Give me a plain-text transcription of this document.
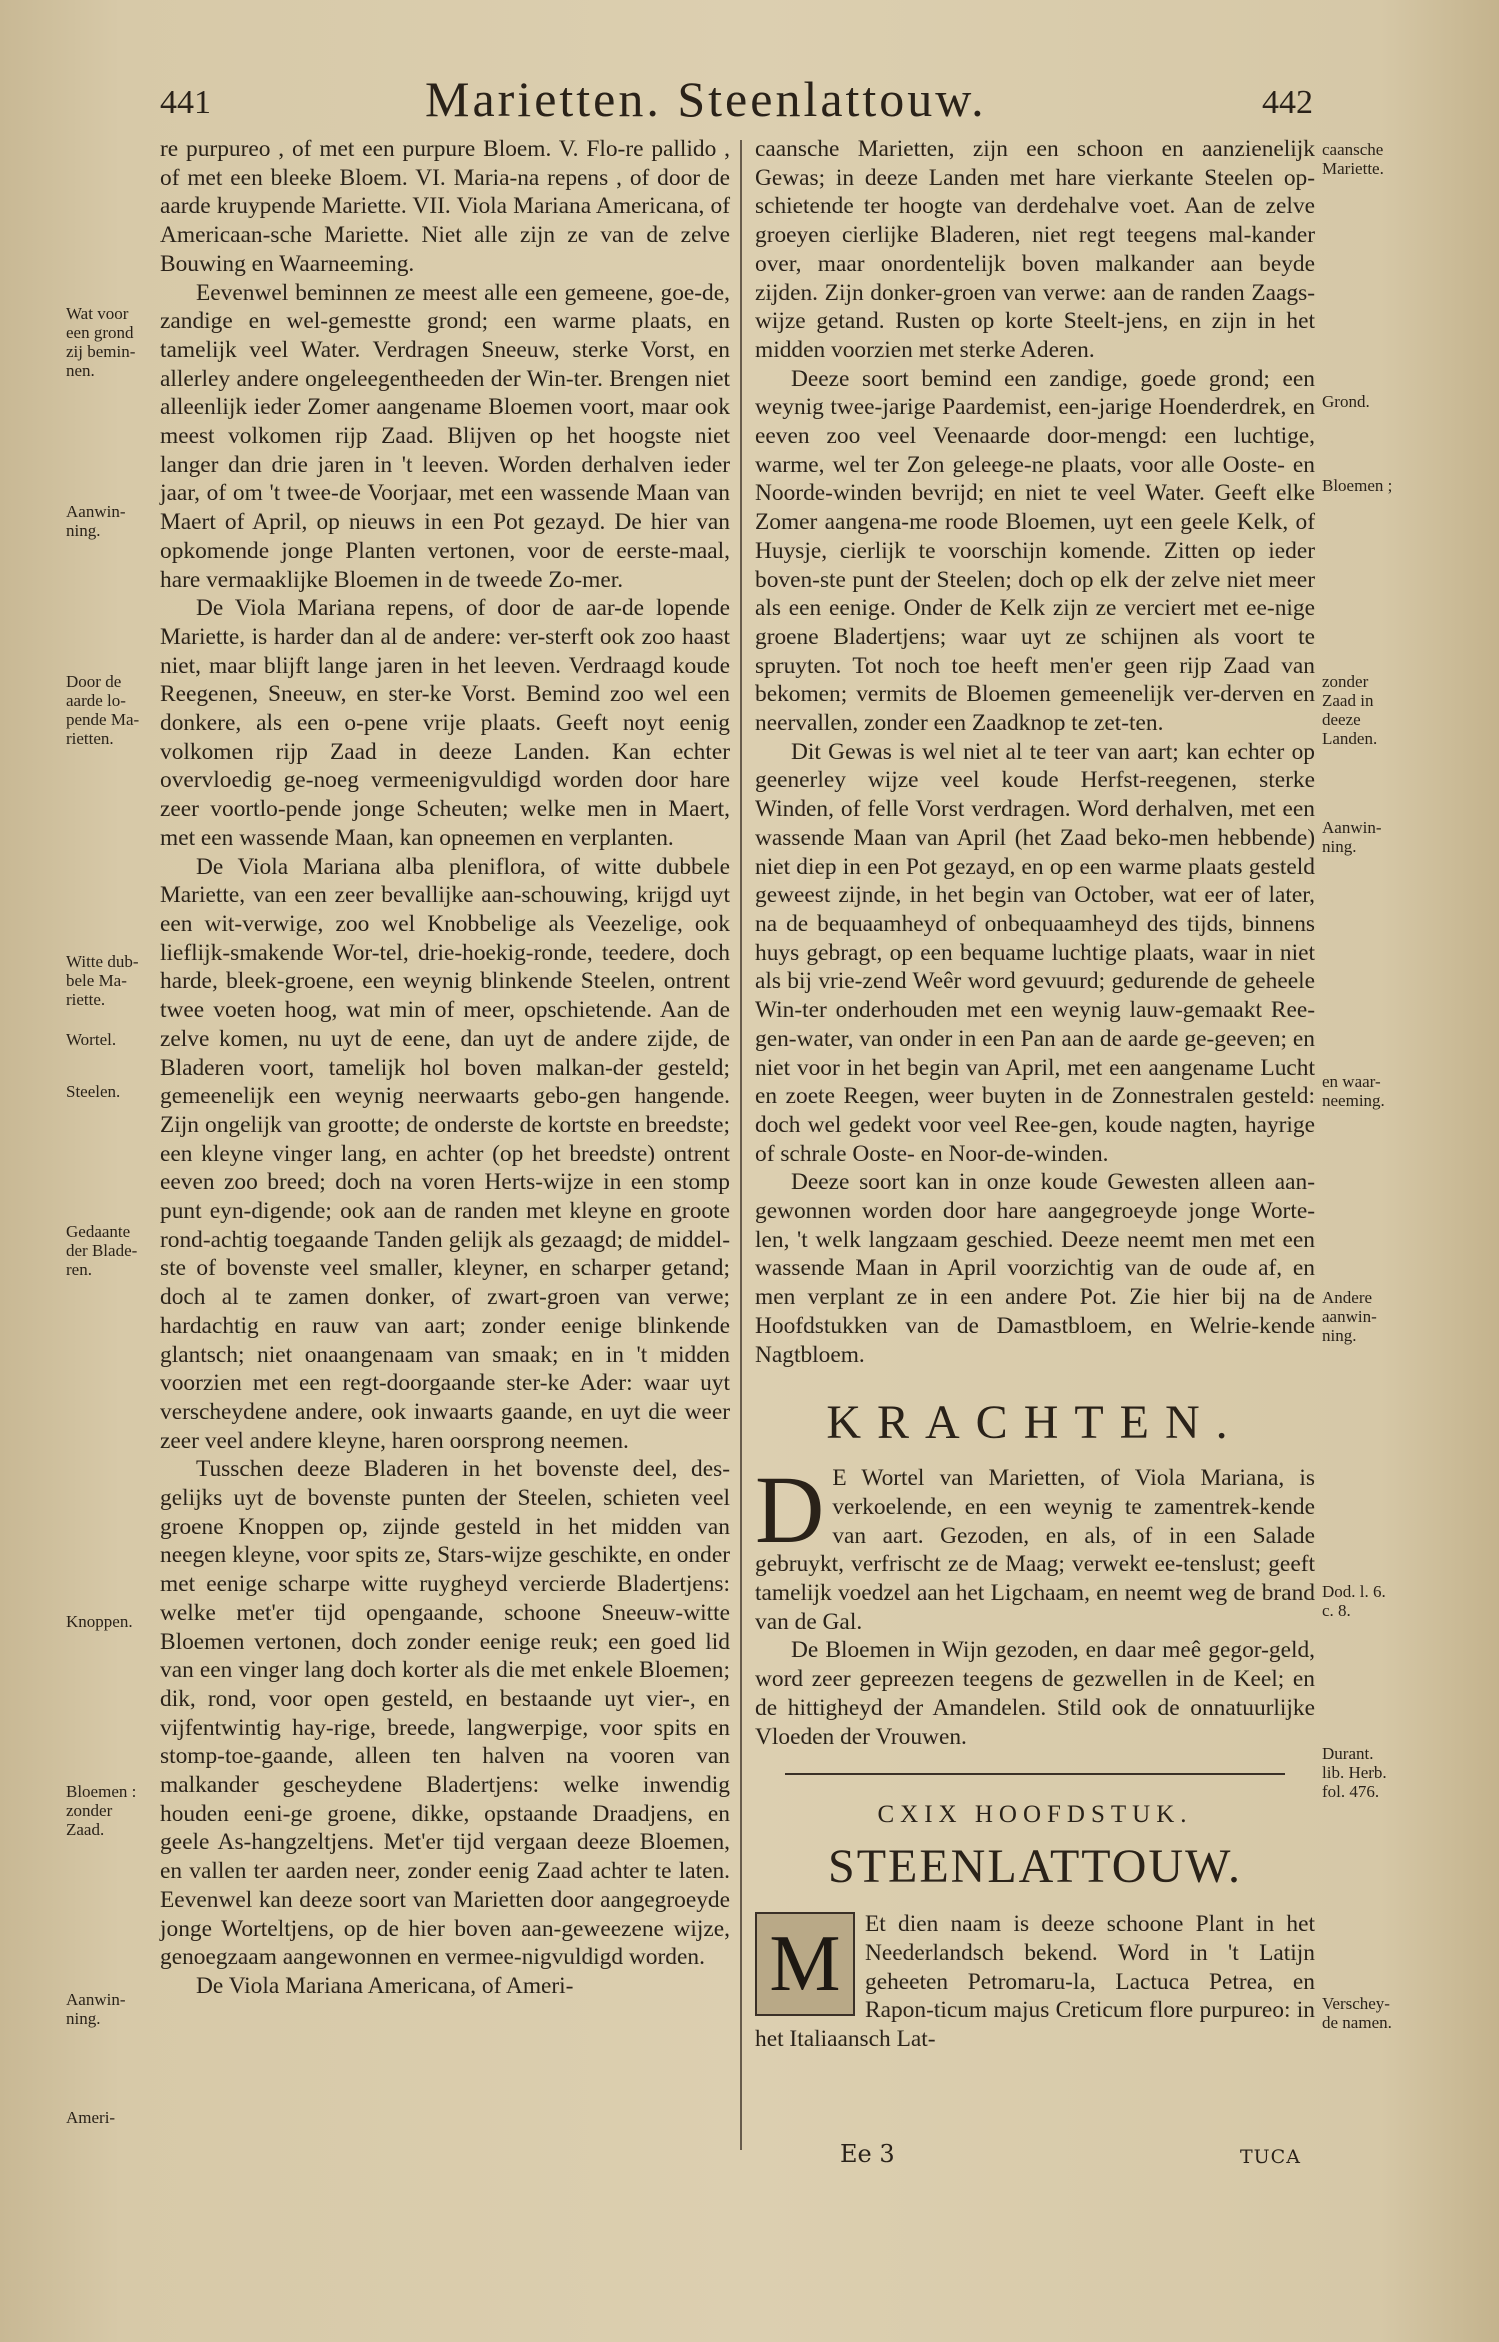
441	Marietten. Steenlattouw.	442

re purpureo , of met een purpure Bloem. V. Flo-re pallido , of met een bleeke Bloem. VI. Maria-na repens , of door de aarde kruypende Mariette. VII. Viola Mariana Americana, of Americaan-sche Mariette. Niet alle zijn ze van de zelve Bouwing en Waarneeming.

Eevenwel beminnen ze meest alle een gemeene, goe-de, zandige en wel-gemestte grond; een warme plaats, en tamelijk veel Water. Verdragen Sneeuw, sterke Vorst, en allerley andere ongeleegentheeden der Win-ter. Brengen niet alleenlijk ieder Zomer aangename Bloemen voort, maar ook meest volkomen rijp Zaad. Blijven op het hoogste niet langer dan drie jaren in 't leeven. Worden derhalven ieder jaar, of om 't twee-de Voorjaar, met een wassende Maan van Maert of April, op nieuws in een Pot gezayd. De hier van opkomende jonge Planten vertonen, voor de eerste-maal, hare vermaaklijke Bloemen in de tweede Zo-mer.

De Viola Mariana repens, of door de aar-de lopende Mariette, is harder dan al de andere: ver-sterft ook zoo haast niet, maar blijft lange jaren in het leeven. Verdraagd koude Reegenen, Sneeuw, en ster-ke Vorst. Bemind zoo wel een donkere, als een o-pene vrije plaats. Geeft noyt eenig volkomen rijp Zaad in deeze Landen. Kan echter overvloedig ge-noeg vermeenigvuldigd worden door hare zeer voortlo-pende jonge Scheuten; welke men in Maert, met een wassende Maan, kan opneemen en verplanten.

De Viola Mariana alba pleniflora, of witte dubbele Mariette, van een zeer bevallijke aan-schouwing, krijgd uyt een wit-verwige, zoo wel Knobbelige als Veezelige, ook lieflijk-smakende Wor-tel, drie-hoekig-ronde, teedere, doch harde, bleek-groene, een weynig blinkende Steelen, ontrent twee voeten hoog, wat min of meer, opschietende. Aan de zelve komen, nu uyt de eene, dan uyt de andere zijde, de Bladeren voort, tamelijk hol boven malkan-der gesteld; gemeenelijk een weynig neerwaarts gebo-gen hangende. Zijn ongelijk van grootte; de onderste de kortste en breedste; een kleyne vinger lang, en achter (op het breedste) ontrent eeven zoo breed; doch na voren Herts-wijze in een stomp punt eyn-digende; ook aan de randen met kleyne en groote rond-achtig toegaande Tanden gelijk als gezaagd; de middel-ste of bovenste veel smaller, kleyner, en scharper getand; doch al te zamen donker, of zwart-groen van verwe; hardachtig en rauw van aart; zonder eenige blinkende glantsch; niet onaangenaam van smaak; en in 't midden voorzien met een regt-doorgaande ster-ke Ader: waar uyt verscheydene andere, ook inwaarts gaande, en uyt die weer zeer veel andere kleyne, haren oorsprong neemen.

Tusschen deeze Bladeren in het bovenste deel, des-gelijks uyt de bovenste punten der Steelen, schieten veel groene Knoppen op, zijnde gesteld in het midden van neegen kleyne, voor spits ze, Stars-wijze geschikte, en onder met eenige scharpe witte ruygheyd vercierde Bladertjens: welke met'er tijd opengaande, schoone Sneeuw-witte Bloemen vertonen, doch zonder eenige reuk; een goed lid van een vinger lang doch korter als die met enkele Bloemen; dik, rond, voor open gesteld, en bestaande uyt vier-, en vijfentwintig hay-rige, breede, langwerpige, voor spits en stomp-toe-gaande, alleen ten halven na vooren van malkander gescheydene Bladertjens: welke inwendig houden eeni-ge groene, dikke, opstaande Draadjens, en geele As-hangzeltjens. Met'er tijd vergaan deeze Bloemen, en vallen ter aarden neer, zonder eenig Zaad achter te laten. Eevenwel kan deeze soort van Marietten door aangegroeyde jonge Worteltjens, op de hier boven aan-geweezene wijze, genoegzaam aangewonnen en vermee-nigvuldigd worden.

De Viola Mariana Americana, of Ameri-

Wat voor
een grond
zij bemin-
nen.
Aanwin-
ning.
Door de
aarde lo-
pende Ma-
rietten.
Witte dub-
bele Ma-
riette.
Wortel.
Steelen.
Gedaante
der Blade-
ren.
Knoppen.
Bloemen :
zonder
Zaad.
Aanwin-
ning.
Ameri-

caansche Marietten, zijn een schoon en aanzienelijk Gewas; in deeze Landen met hare vierkante Steelen op-schietende ter hoogte van derdehalve voet. Aan de zelve groeyen cierlijke Bladeren, niet regt teegens mal-kander over, maar onordentelijk boven malkander aan beyde zijden. Zijn donker-groen van verwe: aan de randen Zaags-wijze getand. Rusten op korte Steelt-jens, en zijn in het midden voorzien met sterke Aderen.

Deeze soort bemind een zandige, goede grond; een weynig twee-jarige Paardemist, een-jarige Hoenderdrek, en eeven zoo veel Veenaarde door-mengd: een luchtige, warme, wel ter Zon geleege-ne plaats, voor alle Ooste- en Noorde-winden bevrijd; en niet te veel Water. Geeft elke Zomer aangena-me roode Bloemen, uyt een geele Kelk, of Huysje, cierlijk te voorschijn komende. Zitten op ieder boven-ste punt der Steelen; doch op elk der zelve niet meer als een eenige. Onder de Kelk zijn ze verciert met ee-nige groene Bladertjens; waar uyt ze schijnen als voort te spruyten. Tot noch toe heeft men'er geen rijp Zaad van bekomen; vermits de Bloemen gemeenelijk ver-derven en neervallen, zonder een Zaadknop te zet-ten.

Dit Gewas is wel niet al te teer van aart; kan echter op geenerley wijze veel koude Herfst-reegenen, sterke Winden, of felle Vorst verdragen. Word derhalven, met een wassende Maan van April (het Zaad beko-men hebbende) niet diep in een Pot gezayd, en op een warme plaats gesteld geweest zijnde, in het begin van October, wat eer of later, na de bequaamheyd of onbequaamheyd des tijds, binnens huys gebragt, op een bequame luchtige plaats, waar in niet als bij vrie-zend Weêr word gevuurd; gedurende de geheele Win-ter onderhouden met een weynig lauw-gemaakt Ree-gen-water, van onder in een Pan aan de aarde ge-geeven; en niet voor in het begin van April, met een aangename Lucht en zoete Reegen, weer buyten in de Zonnestralen gesteld: doch wel gedekt voor veel Ree-gen, koude nagten, hayrige of schrale Ooste- en Noor-de-winden.

Deeze soort kan in onze koude Gewesten alleen aan-gewonnen worden door hare aangegroeyde jonge Worte-len, 't welk langzaam geschied. Deeze neemt men met een wassende Maan in April voorzichtig van de oude af, en men verplant ze in een andere Pot. Zie hier bij na de Hoofdstukken van de Damastbloem, en Welrie-kende Nagtbloem.

KRACHTEN.

D E Wortel van Marietten, of Viola Mariana, is verkoelende, en een weynig te zamentrek-kende van aart. Gezoden, en als, of in een Salade gebruykt, verfrischt ze de Maag; verwekt ee-tenslust; geeft tamelijk voedzel aan het Ligchaam, en neemt weg de brand van de Gal.

De Bloemen in Wijn gezoden, en daar meê gegor-geld, word zeer gepreezen teegens de gezwellen in de Keel; en de hittigheyd der Amandelen. Stild ook de onnatuurlijke Vloeden der Vrouwen.

CXIX HOOFDSTUK.
STEENLATTOUW.

M	Et dien naam is deeze schoone Plant in het Neederlandsch bekend. Word in 't Latijn geheeten Petromaru-la, Lactuca Petrea, en Rapon-ticum majus Creticum flore purpureo: in het Italiaansch Lat-

caansche
Mariette.
Grond.
Bloemen ;
zonder
Zaad in
deeze
Landen.
Aanwin-
ning.
en waar-
neeming.
Andere
aanwin-
ning.
Dod. l. 6.
c. 8.
Durant.
lib. Herb.
fol. 476.
Verschey-
de namen.
Ee 3	TUCA
